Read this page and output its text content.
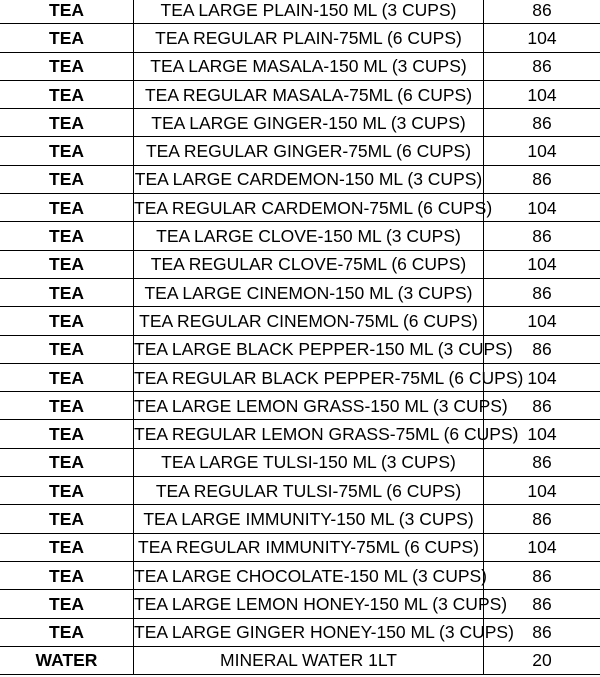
TEA	TEA LARGE PLAIN-150 ML (3 CUPS)	86
TEA	TEA REGULAR PLAIN-75ML (6 CUPS)	104
TEA	TEA LARGE MASALA-150 ML (3 CUPS)	86
TEA	TEA REGULAR MASALA-75ML (6 CUPS)	104
TEA	TEA LARGE GINGER-150 ML (3 CUPS)	86
TEA	TEA REGULAR GINGER-75ML (6 CUPS)	104
TEA	TEA LARGE CARDEMON-150 ML (3 CUPS)	86
TEA	TEA REGULAR CARDEMON-75ML (6 CUPS)	104
TEA	TEA LARGE CLOVE-150 ML (3 CUPS)	86
TEA	TEA REGULAR CLOVE-75ML (6 CUPS)	104
TEA	TEA LARGE CINEMON-150 ML (3 CUPS)	86
TEA	TEA REGULAR CINEMON-75ML (6 CUPS)	104
TEA	TEA LARGE BLACK PEPPER-150 ML (3 CUPS)	86
TEA	TEA REGULAR BLACK PEPPER-75ML (6 CUPS)	104
TEA	TEA LARGE LEMON GRASS-150 ML (3 CUPS)	86
TEA	TEA REGULAR LEMON GRASS-75ML (6 CUPS)	104
TEA	TEA LARGE TULSI-150 ML (3 CUPS)	86
TEA	TEA REGULAR TULSI-75ML (6 CUPS)	104
TEA	TEA LARGE IMMUNITY-150 ML (3 CUPS)	86
TEA	TEA REGULAR IMMUNITY-75ML (6 CUPS)	104
TEA	TEA LARGE CHOCOLATE-150 ML (3 CUPS)	86
TEA	TEA LARGE LEMON HONEY-150 ML (3 CUPS)	86
TEA	TEA LARGE GINGER HONEY-150 ML (3 CUPS)	86
WATER	MINERAL WATER 1LT	20
